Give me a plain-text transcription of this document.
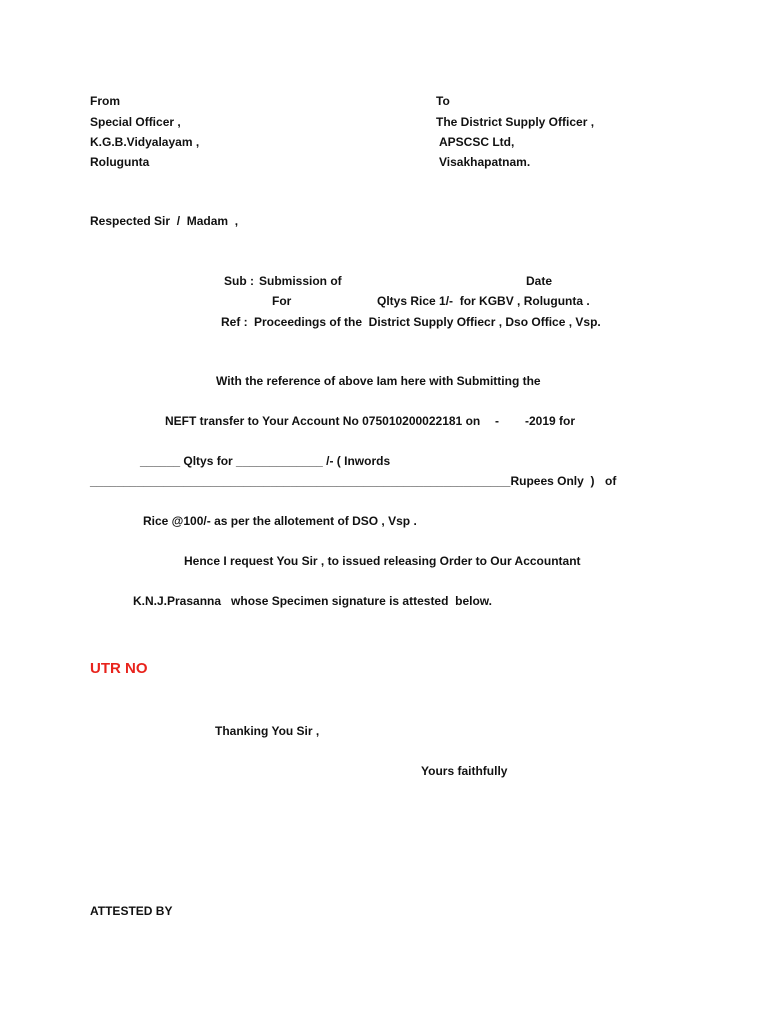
From
Special Officer ,
K.G.B.Vidyalayam ,
Rolugunta
To
The District Supply Officer ,
APSCSC Ltd,
Visakhapatnam.
Respected Sir  /  Madam  ,
Sub : Submission of	Date
For	Qltys Rice 1/-  for KGBV , Rolugunta .
Ref : Proceedings of the  District Supply Offiecr , Dso Office , Vsp.
With the reference of above Iam here with Submitting the
NEFT transfer to Your Account No 075010200022181 on - -2019 for
______ Qltys for _____________ /- ( Inwords
_______________________________________________________________Rupees Only  ) of
Rice @100/- as per the allotement of DSO , Vsp .
Hence I request You Sir , to issued releasing Order to Our Accountant
K.N.J.Prasanna   whose Specimen signature is attested  below.
UTR NO
Thanking You Sir ,
Yours faithfully
ATTESTED BY
